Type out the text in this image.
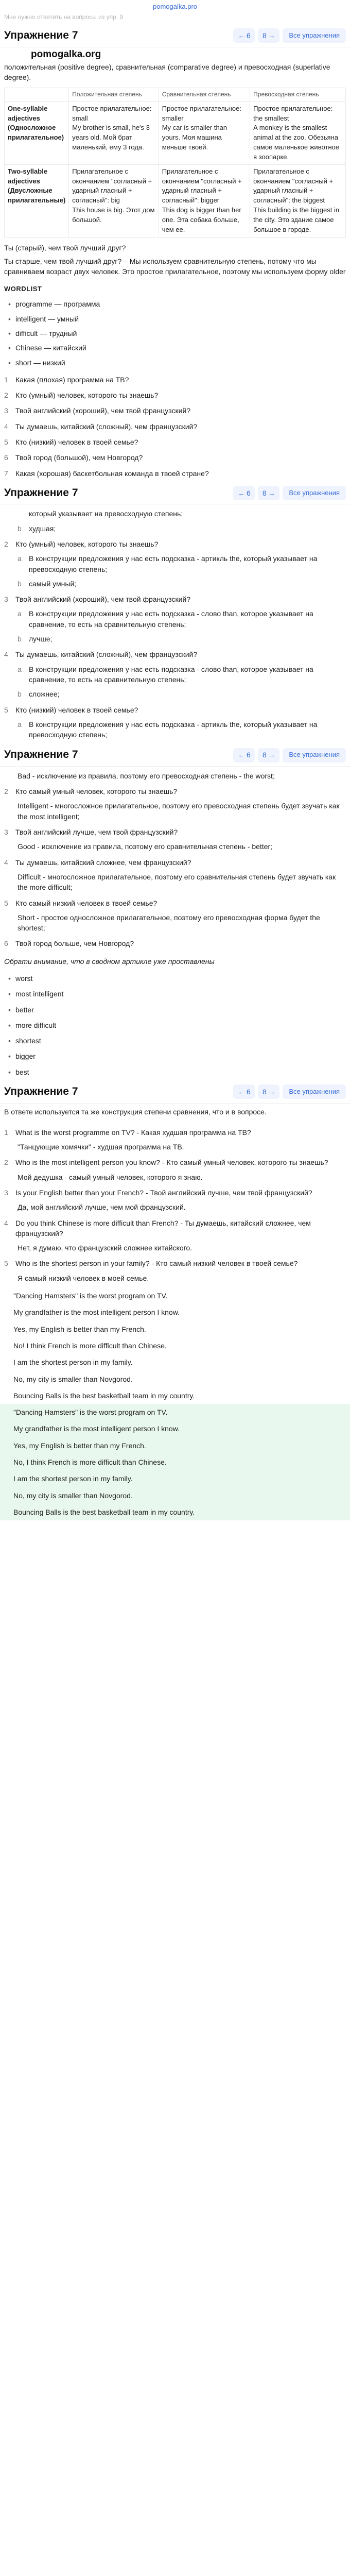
pomogalka.pro
Мне нужно ответить на вопросы из упр. 9
Упражнение 7	← 6 8 →	Все упражнения
pomogalka.org
положительная (positive degree), сравнительная (comparative degree) и превосходная (superlative degree).
	Положительная степень	Сравнительная степень	Превосходная степень
One-syllable adjectives (Односложное прилагательное)	Простое прилагательное: small
My brother is small, he's 3 years old. Мой брат маленький, ему 3 года.	Простое прилагательное: smaller
My car is smaller than yours. Моя машина меньше твоей.	Простое прилагательное: the smallest
A monkey is the smallest animal at the zoo. Обезьяна самое маленькое животное в зоопарке.
Two-syllable adjectives (Двусложные прилагательные)	Прилагательное с окончанием "согласный + ударный гласный + согласный": big
This house is big. Этот дом большой.	Прилагательное с окончанием "согласный + ударный гласный + согласный": bigger
This dog is bigger than her one. Эта собака больше, чем ее.	Прилагательное с окончанием "согласный + ударный гласный + согласный": the biggest
This building is the biggest in the city. Это здание самое большое в городе.

Ты (старый), чем твой лучший друг?

Ты старше, чем твой лучший друг? – Мы используем сравнительную степень, потому что мы сравниваем возраст двух человек. Это простое прилагательное, поэтому мы используем форму older

WORDLIST
• programme — программа
• intelligent — умный
• difficult — трудный
• Chinese — китайский
• short — низкий
1	Какая (плохая) программа на ТВ?
2	Кто (умный) человек, которого ты знаешь?
3	Твой английский (хороший), чем твой французский?
4	Ты думаешь, китайский (сложный), чем французский?
5	Кто (низкий) человек в твоей семье?
6	Твой город (большой), чем Новгород?
7	Какая (хорошая) баскетбольная команда в твоей стране?
Упражнение 7	← 6 8 →	Все упражнения
который указывает на превосходную степень;
b	худшая;
2	Кто (умный) человек, которого ты знаешь?
a	В конструкции предложения у нас есть подсказка - артикль the, который указывает на превосходную степень;
b	самый умный;
3	Твой английский (хороший), чем твой французский?
a	В конструкции предложения у нас есть подсказка - слово than, которое указывает на сравнение, то есть на сравнительную степень;
b	лучше;
4	Ты думаешь, китайский (сложный), чем французский?
a	В конструкции предложения у нас есть подсказка - слово than, которое указывает на сравнение, то есть на сравнительную степень;
b	сложнее;
5	Кто (низкий) человек в твоей семье?
a	В конструкции предложения у нас есть подсказка - артикль the, который указывает на превосходную степень;
Упражнение 7	← 6 8 →	Все упражнения
Bad - исключение из правила, поэтому его превосходная степень - the worst;
2	Кто самый умный человек, которого ты знаешь?
Intelligent - многосложное прилагательное, поэтому его превосходная степень будет звучать как the most intelligent;
3	Твой английский лучше, чем твой французский?
Good - исключение из правила, поэтому его сравнительная степень - better;
4	Ты думаешь, китайский сложнее, чем французский?
Difficult - многосложное прилагательное, поэтому его сравнительная степень будет звучать как the more difficult;
5	Кто самый низкий человек в твоей семье?
Short - простое односложное прилагательное, поэтому его превосходная форма будет the shortest;
6	Твой город больше, чем Новгород?
Обрати внимание, что в сводном артикле уже проставлены
• worst
• most intelligent
• better
• more difficult
• shortest
• bigger
• best
Упражнение 7	← 6 8 →	Все упражнения

В ответе используется та же конструкция степени сравнения, что и в вопросе.

1	What is the worst programme on TV? - Какая худшая программа на ТВ?
"Танцующие хомячки" - худшая программа на ТВ.
2	Who is the most intelligent person you know? - Кто самый умный человек, которого ты знаешь?
Мой дедушка - самый умный человек, которого я знаю.
3	Is your English better than your French? - Твой английский лучше, чем твой французский?
Да, мой английский лучше, чем мой французский.
4	Do you think Chinese is more difficult than French? - Ты думаешь, китайский сложнее, чем французский?
Нет, я думаю, что французский сложнее китайского.
5	Who is the shortest person in your family? - Кто самый низкий человек в твоей семье?
Я самый низкий человек в моей семье.
"Dancing Hamsters" is the worst program on TV.
My grandfather is the most intelligent person I know.
Yes, my English is better than my French.
No! I think French is more difficult than Chinese.
I am the shortest person in my family.
No, my city is smaller than Novgorod.
Bouncing Balls is the best basketball team in my country.
"Dancing Hamsters" is the worst program on TV.
My grandfather is the most intelligent person I know.
Yes, my English is better than my French.
No, I think French is more difficult than Chinese.
I am the shortest person in my family.
No, my city is smaller than Novgorod.
Bouncing Balls is the best basketball team in my country.
